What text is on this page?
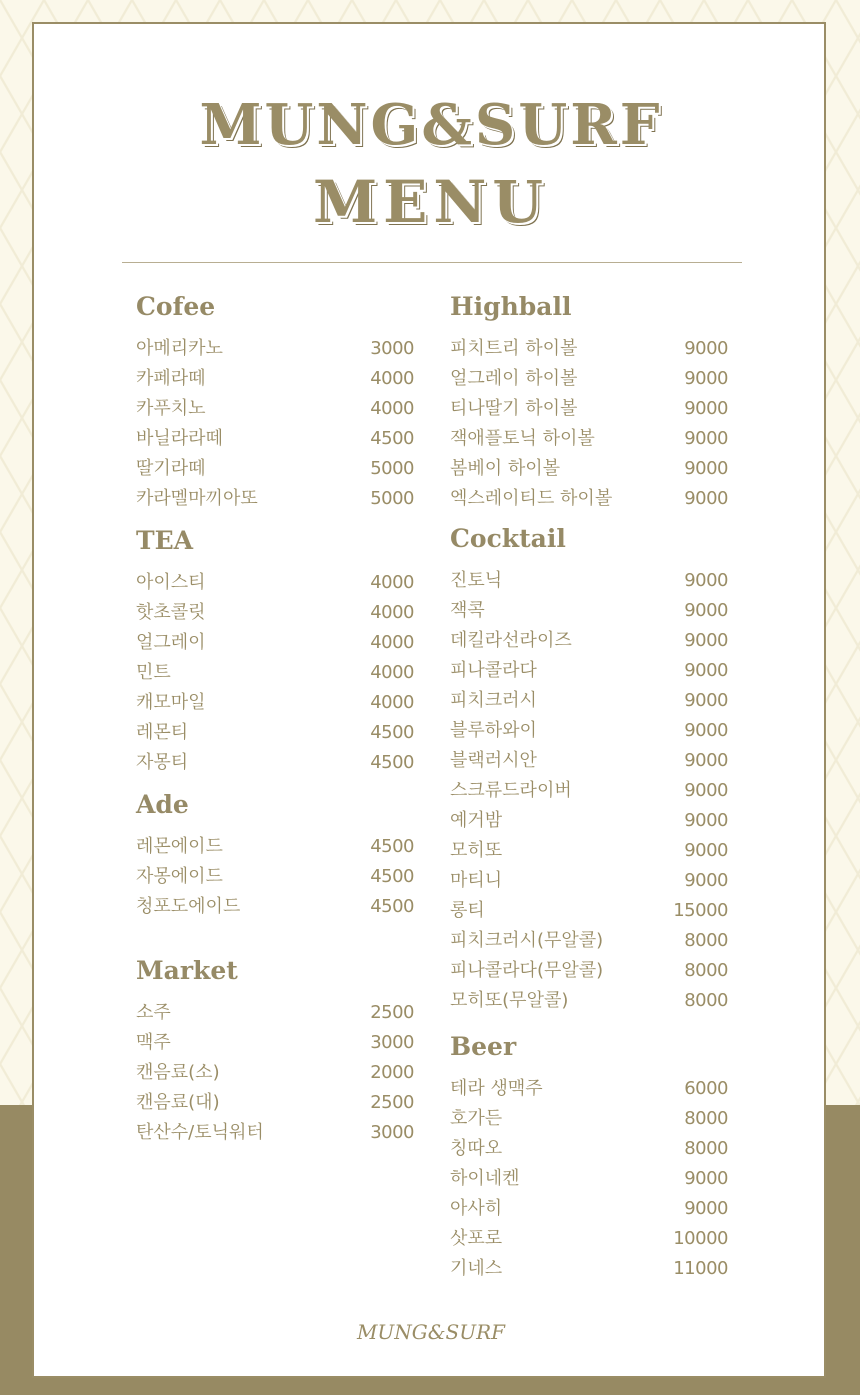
MUNG&SURF
MENU
Cofee
아메리카노	3000
카페라떼	4000
카푸치노	4000
바닐라라떼	4500
딸기라떼	5000
카라멜마끼아또	5000
TEA
아이스티	4000
핫초콜릿	4000
얼그레이	4000
민트	4000
캐모마일	4000
레몬티	4500
자몽티	4500
Ade
레몬에이드	4500
자몽에이드	4500
청포도에이드	4500
Market
소주	2500
맥주	3000
캔음료(소)	2000
캔음료(대)	2500
탄산수/토닉워터	3000
Highball
피치트리 하이볼	9000
얼그레이 하이볼	9000
티나딸기 하이볼	9000
잭애플토닉 하이볼	9000
봄베이 하이볼	9000
엑스레이티드 하이볼	9000
Cocktail
진토닉	9000
잭콕	9000
데킬라선라이즈	9000
피나콜라다	9000
피치크러시	9000
블루하와이	9000
블랙러시안	9000
스크류드라이버	9000
예거밤	9000
모히또	9000
마티니	9000
롱티	15000
피치크러시(무알콜)	8000
피나콜라다(무알콜)	8000
모히또(무알콜)	8000
Beer
테라 생맥주	6000
호가든	8000
칭따오	8000
하이네켄	9000
아사히	9000
삿포로	10000
기네스	11000
MUNG&SURF
